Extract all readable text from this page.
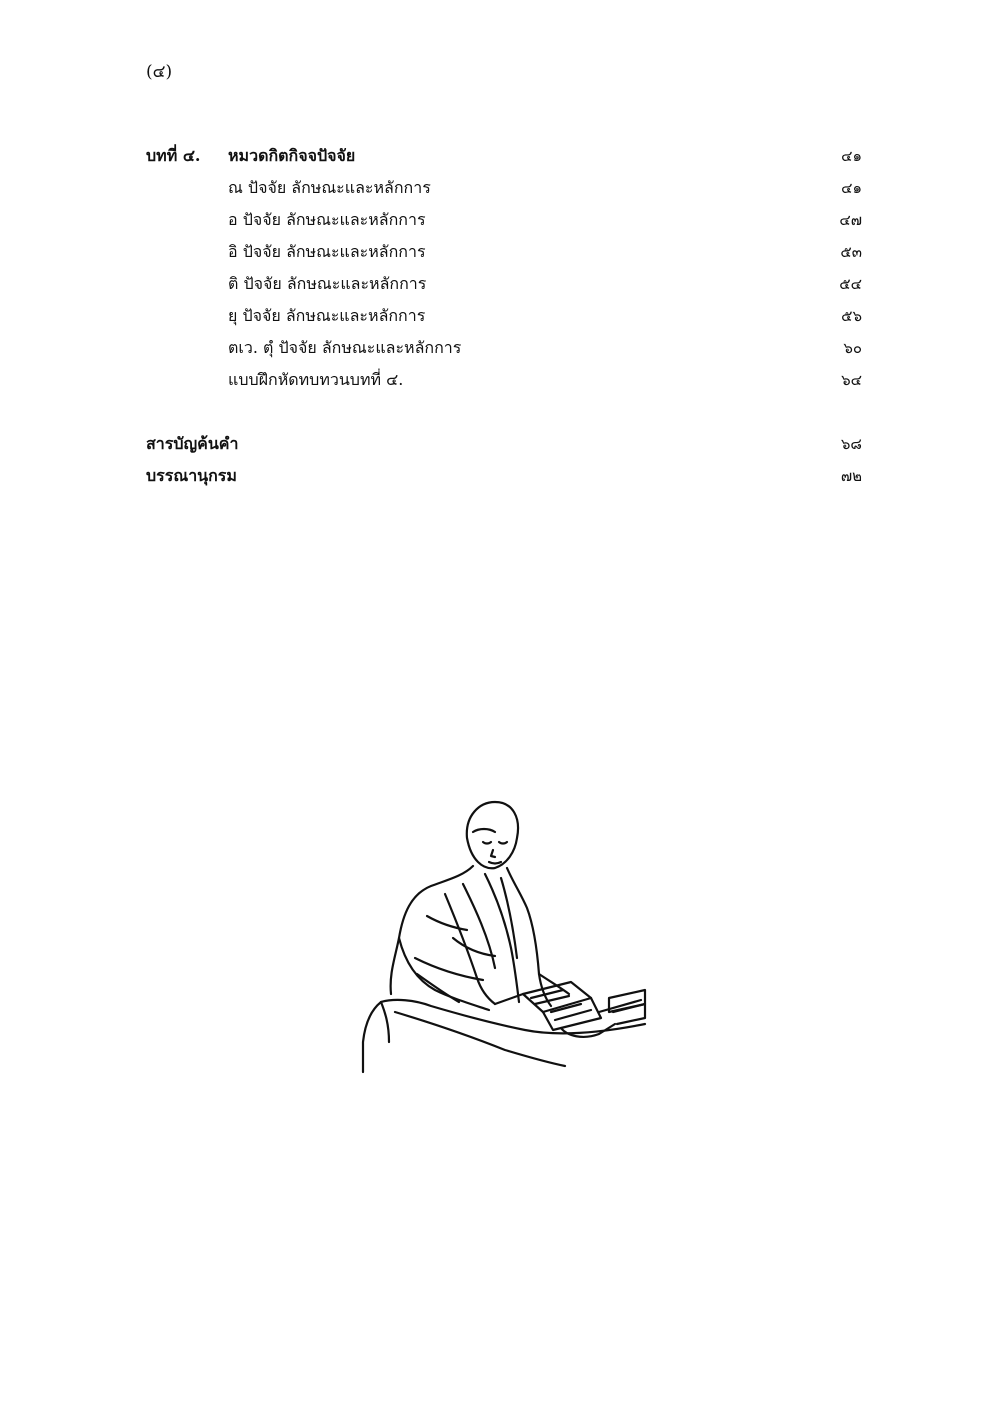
(๔)
บทที่ ๔. หมวดกิตกิจจปัจจัย	๔๑
ณ ปัจจัย ลักษณะและหลักการ	๔๑
อ ปัจจัย ลักษณะและหลักการ	๔๗
อิ ปัจจัย ลักษณะและหลักการ	๕๓
ติ ปัจจัย ลักษณะและหลักการ	๕๔
ยุ ปัจจัย ลักษณะและหลักการ	๕๖
ตเว. ตุํ ปัจจัย ลักษณะและหลักการ	๖๐
แบบฝึกหัดทบทวนบทที่ ๔.	๖๔
สารบัญค้นคำ	๖๘
บรรณานุกรม	๗๒
